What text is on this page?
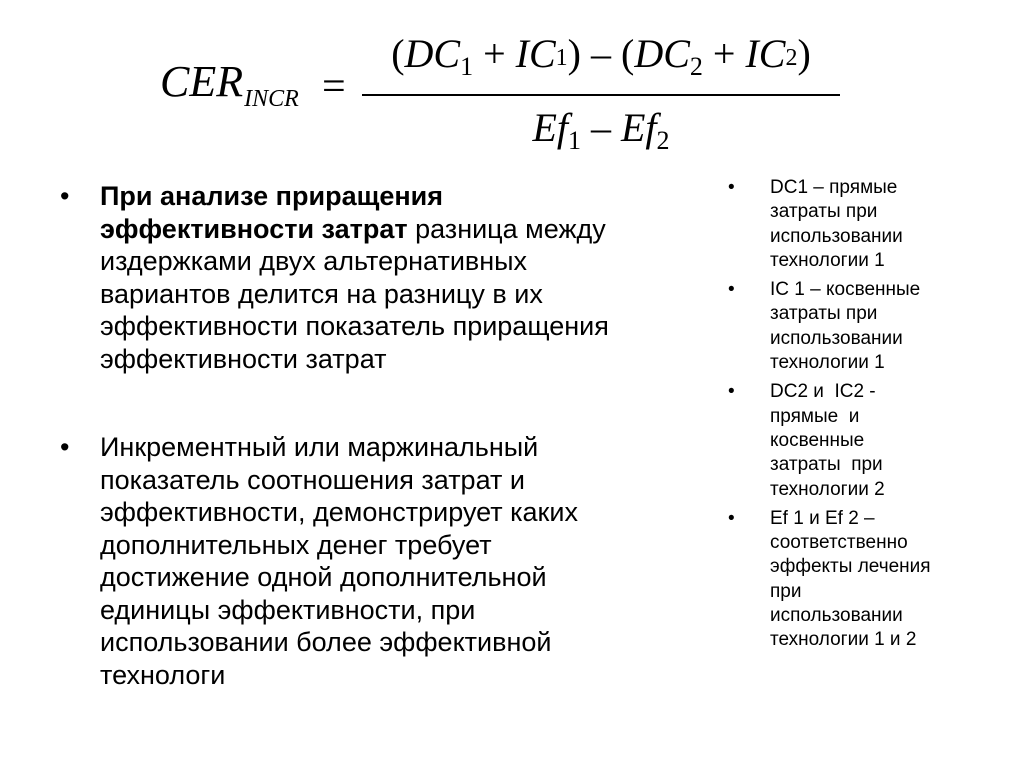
$CER_{INCR}$ =
$(DC_1 + IC1) - (DC_2 + IC2)$
$Ef_1 - Ef_2$
• При анализе приращения
эффективности затрат разница между
издержками двух альтернативных
вариантов делится на разницу в их
эффективности показатель приращения
эффективности затрат
• Инкрементный или маржинальный
показатель соотношения затрат и
эффективности, демонстрирует каких
дополнительных денег требует
достижение одной дополнительной
единицы эффективности, при
использовании более эффективной
технологи
• DC1 – прямые
затраты при
использовании
технологии 1
• IC 1 – косвенные
затраты при
использовании
технологии 1
• DC2 и  IC2 -
прямые  и
косвенные
затраты  при
технологии 2
• Ef 1 и Ef 2 –
соответственно
эффекты лечения
при
использовании
технологии 1 и 2
